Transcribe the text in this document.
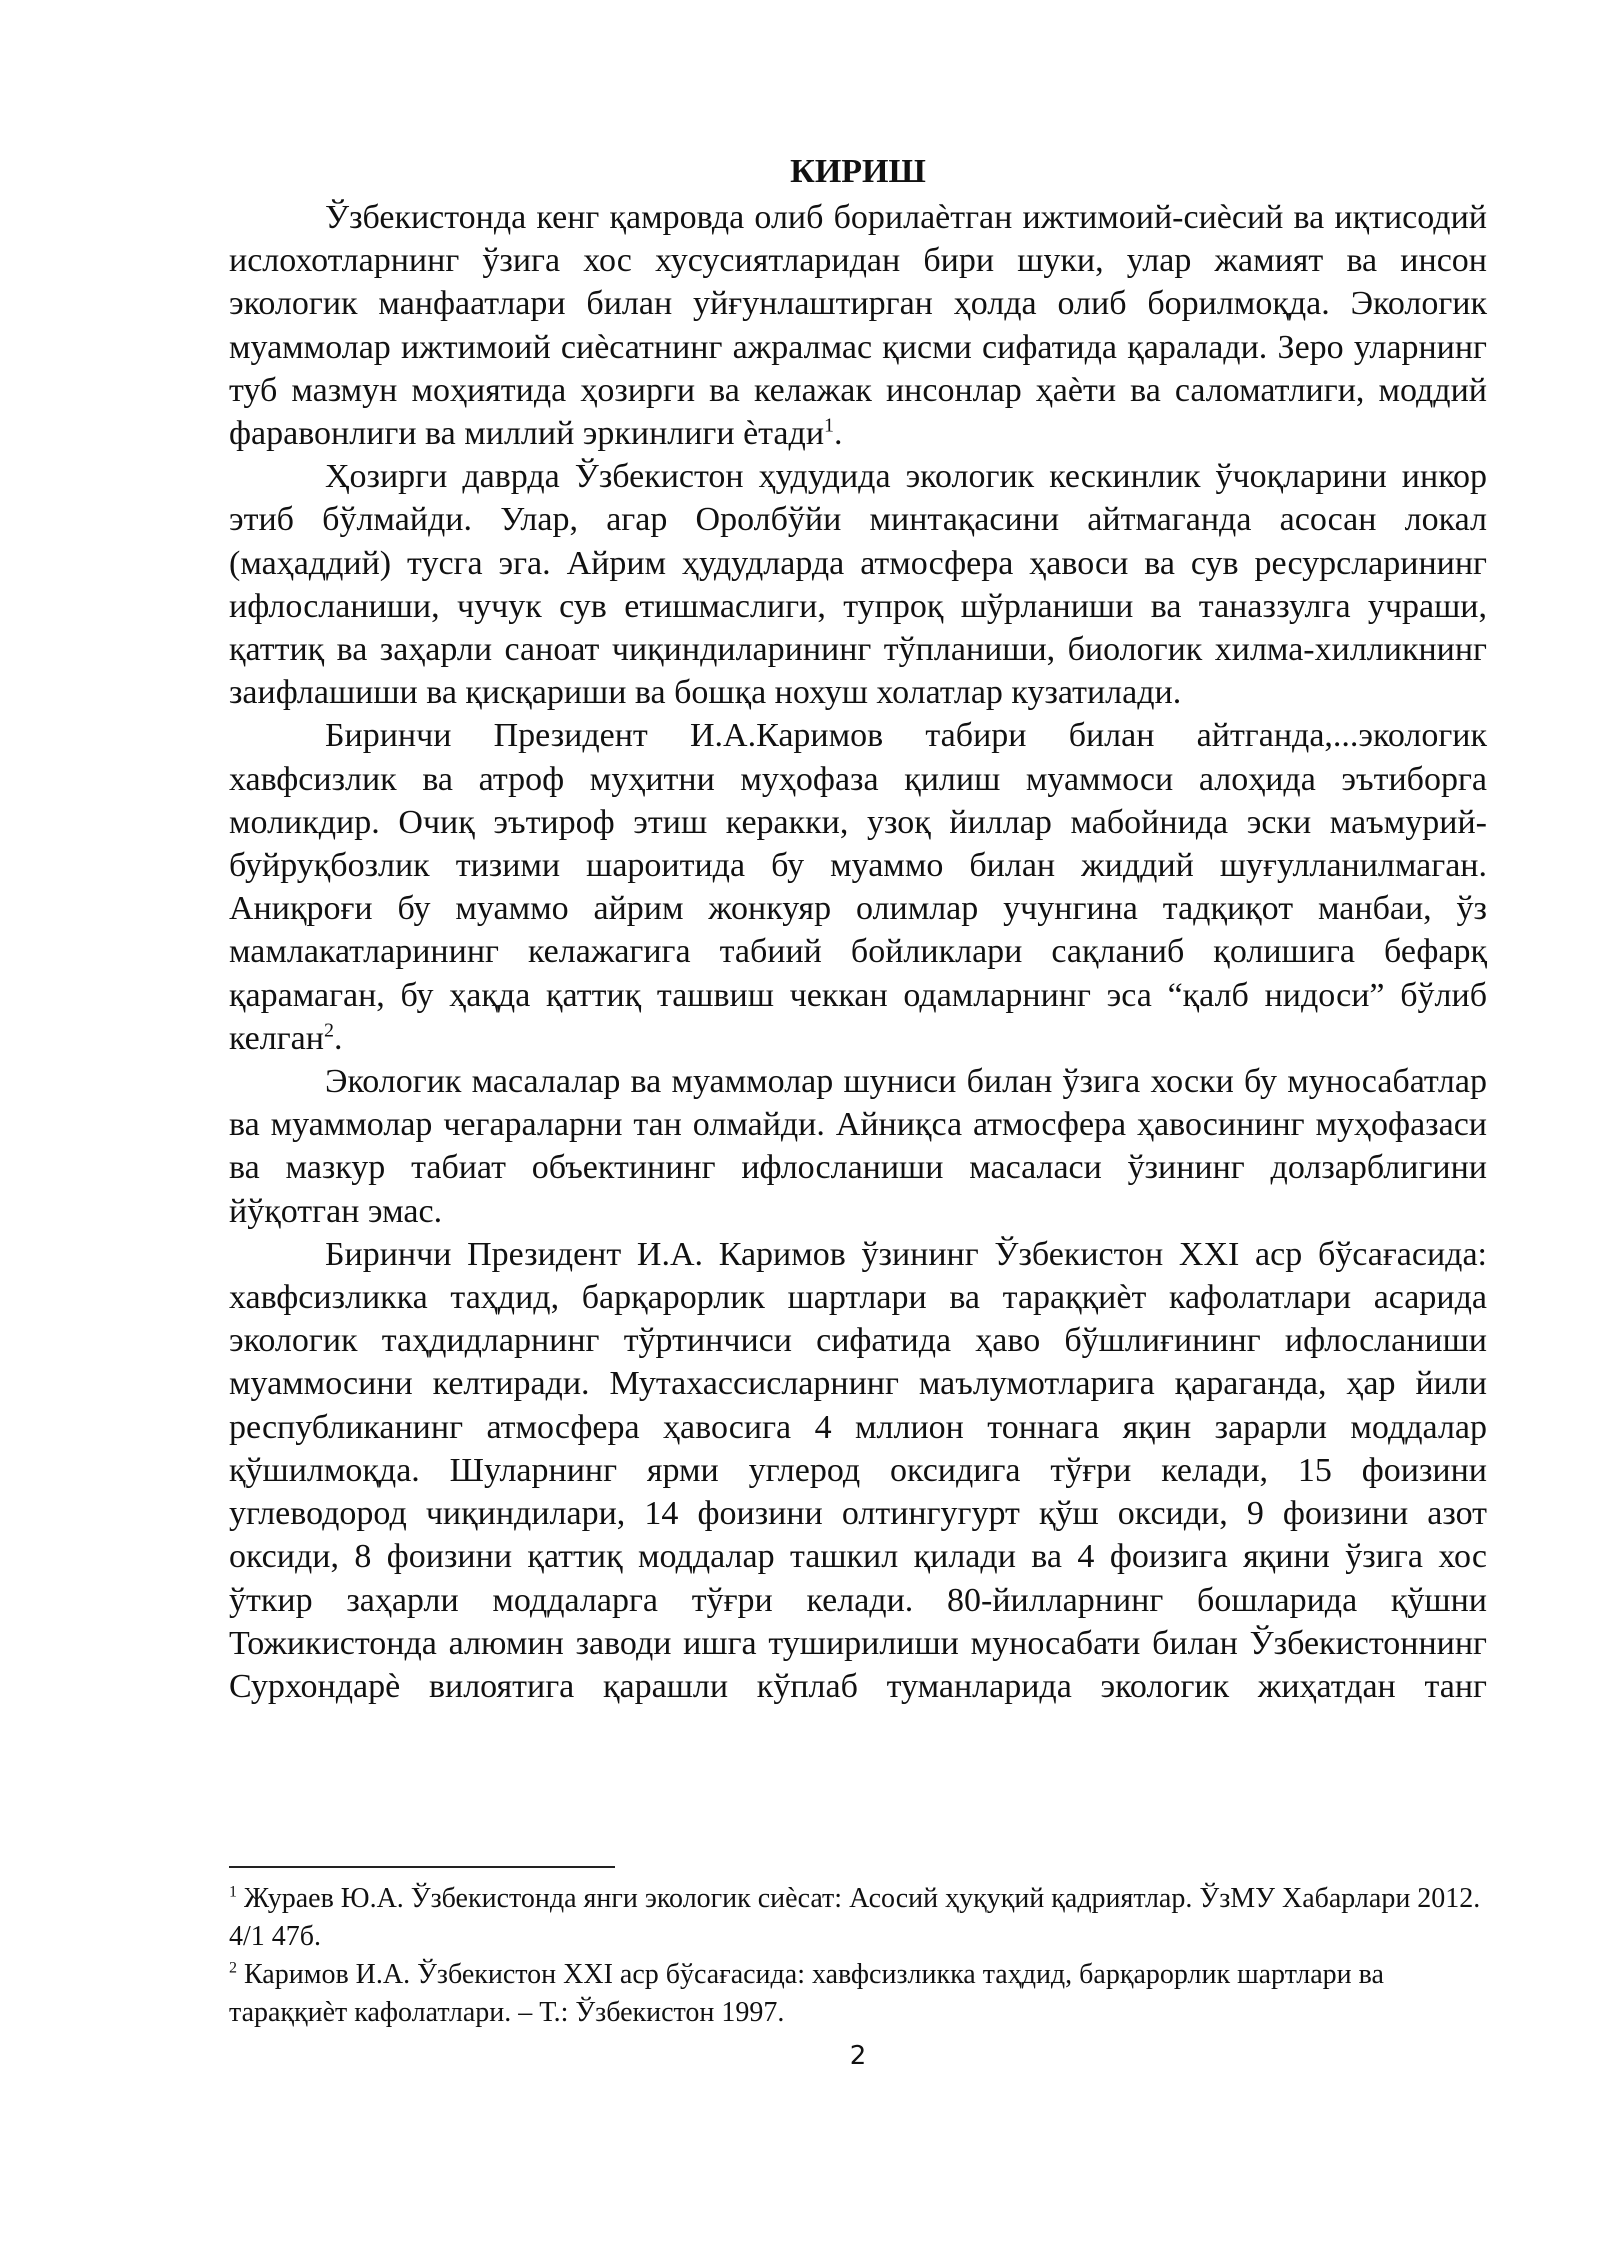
КИРИШ

Ўзбекистонда кенг қамровда олиб борилаѐтган ижтимоий-сиѐсий ва иқтисодий ислохотларнинг ўзига хос хусусиятларидан бири шуки, улар жамият ва инсон экологик манфаатлари билан уйғунлаштирган ҳолда олиб борилмоқда. Экологик муаммолар ижтимоий сиѐсатнинг ажралмас қисми сифатида қаралади. Зеро уларнинг туб мазмун моҳиятида ҳозирги ва келажак инсонлар ҳаѐти ва саломатлиги, моддий фаравонлиги ва миллий эркинлиги ѐтади$^1$.

Ҳозирги даврда Ўзбекистон ҳудудида экологик кескинлик ўчоқларини инкор этиб бўлмайди. Улар, агар Оролбўйи минтақасини айтмаганда асосан локал (маҳаддий) тусга эга. Айрим ҳудудларда атмосфера ҳавоси ва сув ресурсларининг ифлосланиши, чучук сув етишмаслиги, тупроқ шўрланиши ва таназзулга учраши, қаттиқ ва заҳарли саноат чиқиндиларининг тўпланиши, биологик хилма-хилликнинг заифлашиши ва қисқариши ва бошқа нохуш холатлар кузатилади.

Биринчи Президент И.А.Каримов табири билан айтганда,...экологик хавфсизлик ва атроф муҳитни муҳофаза қилиш муаммоси алоҳида эътиборга моликдир. Очиқ эътироф этиш керакки, узоқ йиллар мабойнида эски маъмурий-буйруқбозлик тизими шароитида бу муаммо билан жиддий шуғулланилмаган. Аниқроғи бу муаммо айрим жонкуяр олимлар учунгина тадқиқот манбаи, ўз мамлакатларининг келажагига табиий бойликлари сақланиб қолишига бефарқ қарамаган, бу ҳақда қаттиқ ташвиш чеккан одамларнинг эса “қалб нидоси” бўлиб келган$^2$.

Экологик масалалар ва муаммолар шуниси билан ўзига хоски бу муносабатлар ва муаммолар чегараларни тан олмайди. Айниқса атмосфера ҳавосининг муҳофазаси ва мазкур табиат объектининг ифлосланиши масаласи ўзининг долзарблигини йўқотган эмас.

Биринчи Президент И.А. Каримов ўзининг Ўзбекистон XXI аср бўсағасида: хавфсизликка таҳдид, барқарорлик шартлари ва тараққиѐт кафолатлари асарида экологик таҳдидларнинг тўртинчиси сифатида ҳаво бўшлиғининг ифлосланиши муаммосини келтиради. Мутахассисларнинг маълумотларига қараганда, ҳар йили республиканинг атмосфера ҳавосига 4 мллион тоннага яқин зарарли моддалар қўшилмоқда. Шуларнинг ярми углерод оксидига тўғри келади, 15 фоизини углеводород чиқиндилари, 14 фоизини олтингугурт қўш оксиди, 9 фоизини азот оксиди, 8 фоизини қаттиқ моддалар ташкил қилади ва 4 фоизига яқини ўзига хос ўткир заҳарли моддаларга тўғри келади. 80-йилларнинг бошларида қўшни Тожикистонда алюмин заводи ишга туширилиши муносабати билан Ўзбекистоннинг Сурхондарѐ вилоятига қарашли кўплаб туманларида экологик жиҳатдан танг

$^1$ Жураев Ю.А. Ўзбекистонда янги экологик сиѐсат: Асосий ҳуқуқий қадриятлар. ЎзМУ Хабарлари 2012. 4/1 47б.

$^2$ Каримов И.А. Ўзбекистон XXI аср бўсағасида: хавфсизликка таҳдид, барқарорлик шартлари ва тараққиѐт кафолатлари. – Т.: Ўзбекистон 1997.

2
